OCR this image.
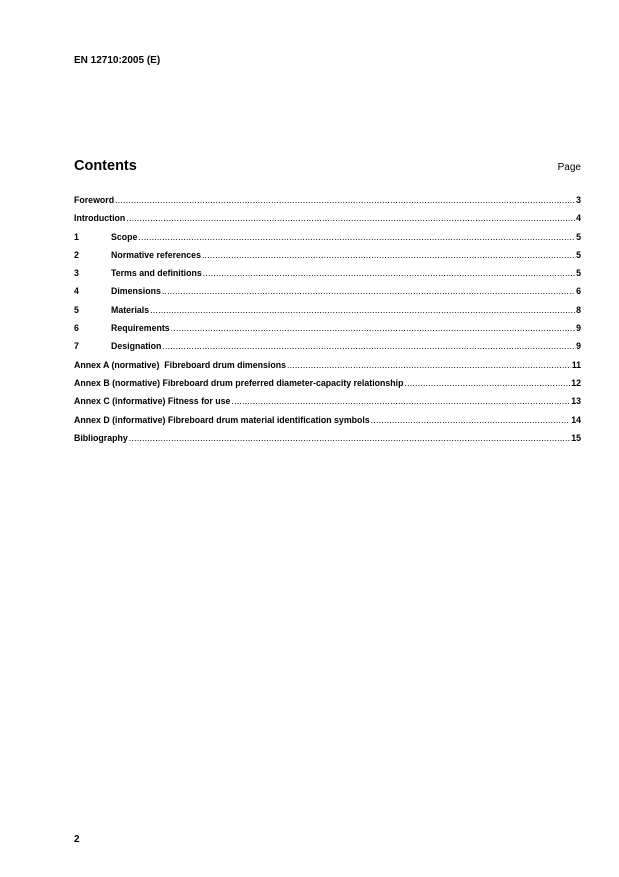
EN 12710:2005 (E)
Contents	Page
Foreword .....	3
Introduction .....	4
1	Scope .....	5
2	Normative references .....	5
3	Terms and definitions .....	5
4	Dimensions .....	6
5	Materials .....	8
6	Requirements .....	9
7	Designation .....	9
Annex A (normative)  Fibreboard drum dimensions .....	11
Annex B (normative) Fibreboard drum preferred diameter-capacity relationship .....	12
Annex C (informative) Fitness for use .....	13
Annex D (informative) Fibreboard drum material identification symbols .....	14
Bibliography .....	15
2
